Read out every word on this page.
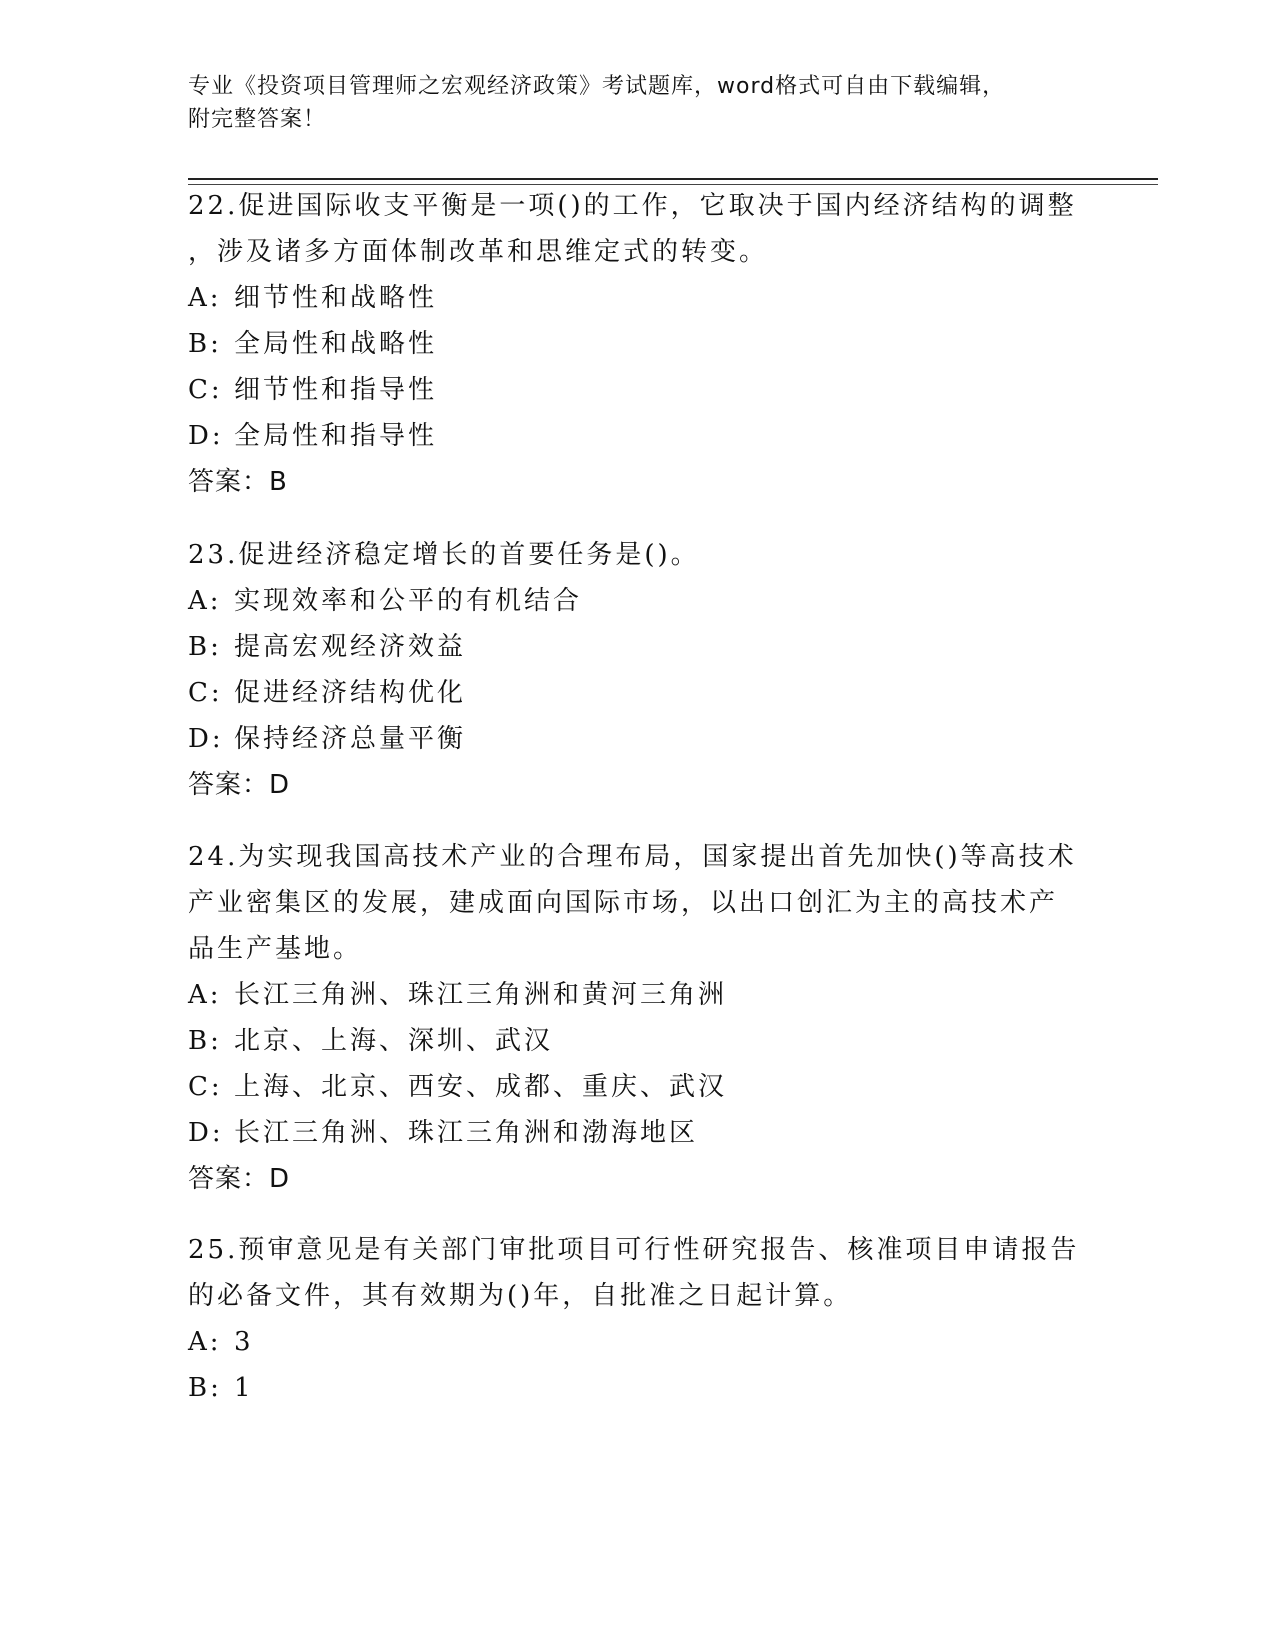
专业《投资项目管理师之宏观经济政策》考试题库，word格式可自由下载编辑，
附完整答案！
22.促进国际收支平衡是一项()的工作，它取决于国内经济结构的调整
，涉及诸多方面体制改革和思维定式的转变。
A: 细节性和战略性
B: 全局性和战略性
C: 细节性和指导性
D: 全局性和指导性
答案：B
23.促进经济稳定增长的首要任务是()。
A: 实现效率和公平的有机结合
B: 提高宏观经济效益
C: 促进经济结构优化
D: 保持经济总量平衡
答案：D
24.为实现我国高技术产业的合理布局，国家提出首先加快()等高技术
产业密集区的发展，建成面向国际市场，以出口创汇为主的高技术产
品生产基地。
A: 长江三角洲、珠江三角洲和黄河三角洲
B: 北京、上海、深圳、武汉
C: 上海、北京、西安、成都、重庆、武汉
D: 长江三角洲、珠江三角洲和渤海地区
答案：D
25.预审意见是有关部门审批项目可行性研究报告、核准项目申请报告
的必备文件，其有效期为()年，自批准之日起计算。
A: 3
B: 1
